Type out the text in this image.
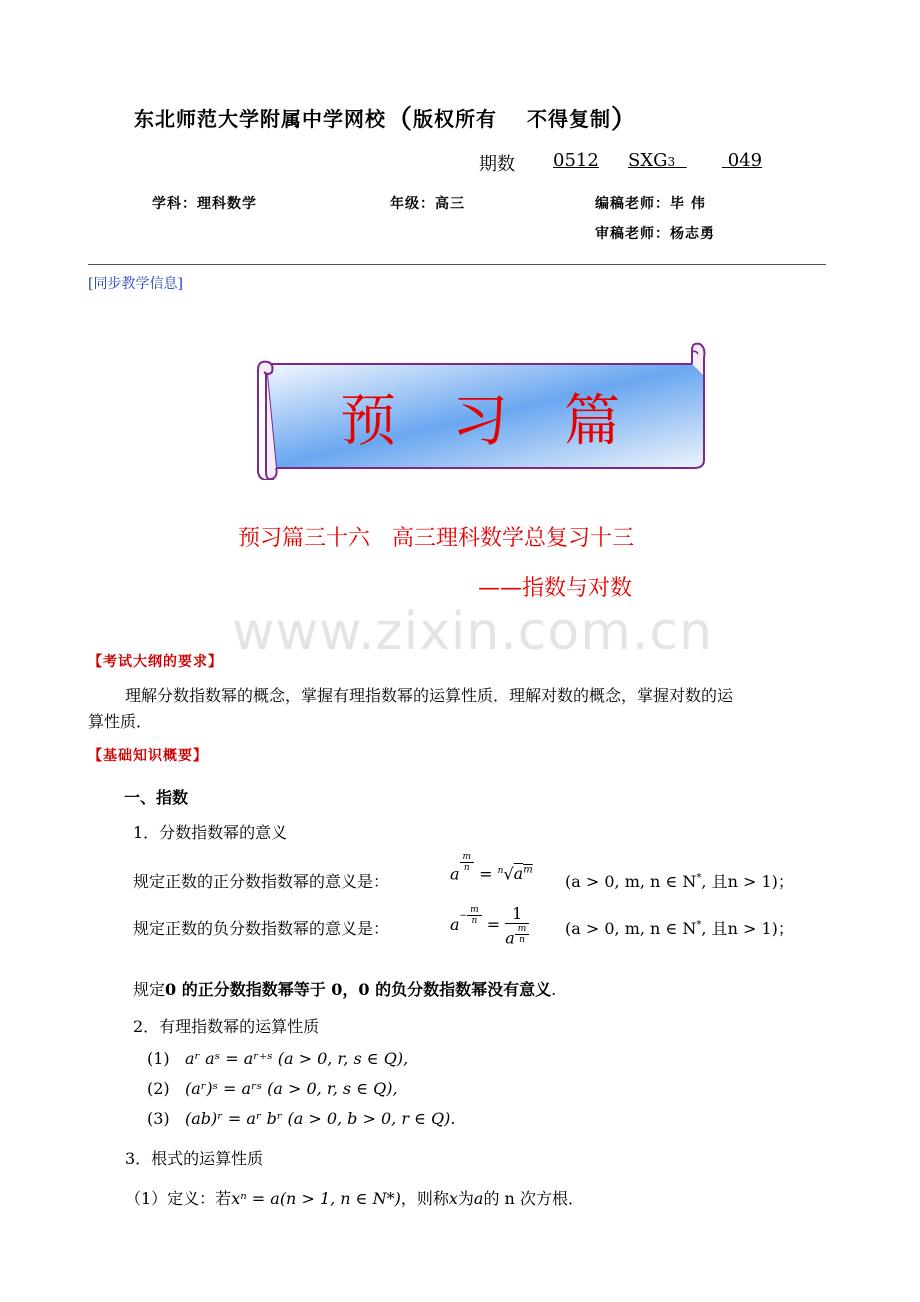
东北师范大学附属中学网校（版权所有 不得复制）
期数 0512 SXG3	049
学科：理科数学	年级：高三	编稿老师：毕 伟
审稿老师：杨志勇
[同步教学信息]
预　习　篇
预习篇三十六　高三理科数学总复习十三
——指数与对数
www.zixin.com.cn
【考试大纲的要求】
理解分数指数幂的概念，掌握有理指数幂的运算性质．理解对数的概念，掌握对数的运
算性质．
【基础知识概要】
一、指数
1．分数指数幂的意义
规定正数的正分数指数幂的意义是：	a
$^{\frac{m}{n}}$
= $^n√a^m$
(a > 0, m, n ∈ N*, 且n > 1)；
规定正数的负分数指数幂的意义是：	$a^{- \frac{m}{n}} = 1$
a $^{\frac{m}{n}}$ (a > 0, m, n ∈ N*, 且n > 1)；
规定0 的正分数指数幂等于 0，0 的负分数指数幂没有意义.
2．有理指数幂的运算性质
(1) aʳ aˢ = aʳ⁺ˢ (a > 0, r, s ∈ Q),
(2) (aʳ)ˢ = aʳˢ (a > 0, r, s ∈ Q),
(3) (ab)ʳ = aʳ bʳ (a > 0, b > 0, r ∈ Q).
3．根式的运算性质
（1）定义：若xⁿ = a(n > 1, n ∈ N*)，则称x为a的 n 次方根．
